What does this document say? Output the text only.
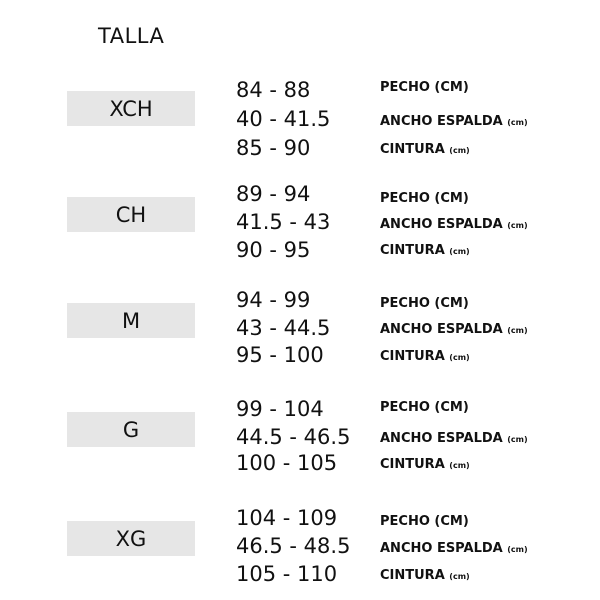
TALLA
XCH
84 - 88
40 - 41.5
85 - 90
PECHO (CM)
ANCHO ESPALDA (cm)
CINTURA (cm)
CH
89 - 94
41.5 - 43
90 - 95
PECHO (CM)
ANCHO ESPALDA (cm)
CINTURA (cm)
M
94 - 99
43 - 44.5
95 - 100
PECHO (CM)
ANCHO ESPALDA (cm)
CINTURA (cm)
G
99 - 104
44.5 - 46.5
100 - 105
PECHO (CM)
ANCHO ESPALDA (cm)
CINTURA (cm)
XG
104 - 109
46.5 - 48.5
105 - 110
PECHO (CM)
ANCHO ESPALDA (cm)
CINTURA (cm)
